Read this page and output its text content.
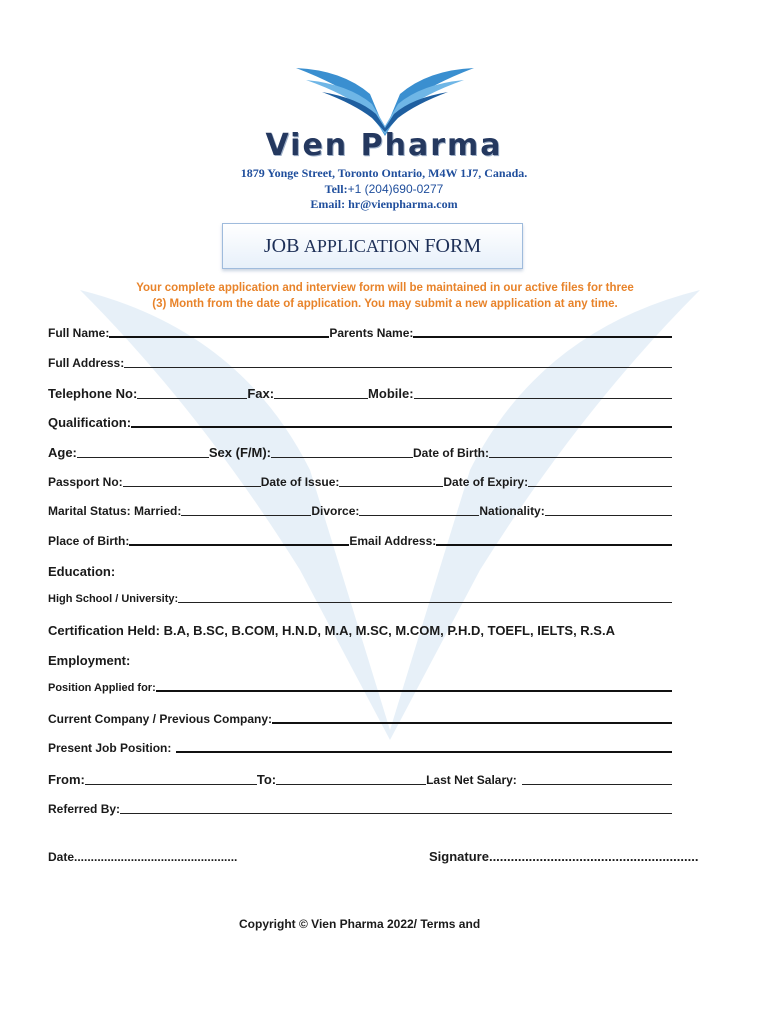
Vien Pharma
1879 Yonge Street, Toronto Ontario, M4W 1J7, Canada.
Tell:+1 (204)690-0277
Email: hr@vienpharma.com
JOB
APPLICATION
FORM
Your complete application and interview form will be maintained in our active files for three
(3) Month from the date of application. You may submit a new application at any time.
Full Name:	Parents Name:
Full Address:
Telephone No:	Fax:	Mobile:
Qualification:
Age:	Sex (F/M):	Date of Birth:
Passport No:	Date of Issue:	Date of Expiry:
Marital Status: Married:	Divorce:	Nationality:
Place of Birth:	Email Address:
Education:
High School / University:
Certification Held: B.A, B.SC, B.COM, H.N.D, M.A, M.SC, M.COM, P.H.D, TOEFL, IELTS, R.S.A
Employment:
Position Applied for:
Current Company / Previous Company:
Present Job Position:
From:	To:	Last Net Salary:
Referred By:
Date.................................................	Signature..........................................................
Copyright © Vien Pharma 2022/ Terms and
